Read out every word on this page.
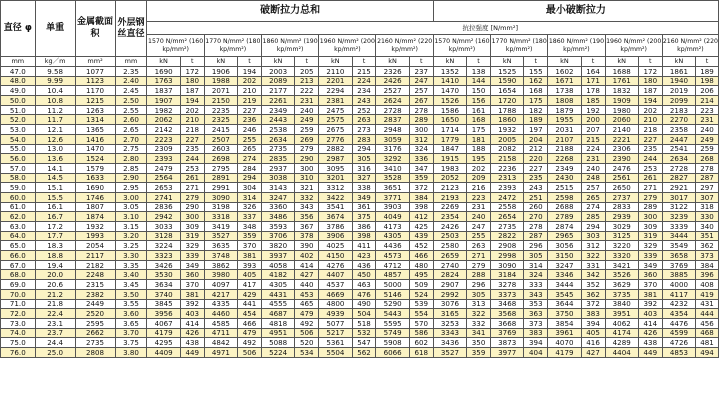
直径 φ	单重	金属截面积	外层钢丝直径	破断拉力总和										最小破断拉力									
				抗拉强度 [N/mm²]																			
				1570 N/mm² (160 kp/mm²)		1770 N/mm² (180 kp/mm²)		1860 N/mm² (190 kp/mm²)		1960 N/mm² (200 kp/mm²)		2160 N/mm² (220 kp/mm²)		1570 N/mm² (160 kp/mm²)		1770 N/mm² (180 kp/mm²)		1860 N/mm² (190 kp/mm²)		1960 N/mm² (200 kp/mm²)		2160 N/mm² (220 kp/mm²)	
mm	kg／m	mm²	mm	kN	t	kN	t	kN	t	kN	t	kN	t	kN	t	kN	t	kN	t	kN	t	kN	t
47.0	9.58	1077	2.35	1690	172	1906	194	2003	205	2110	215	2326	237	1352	138	1525	155	1602	164	1688	172	1861	189
48.0	9.99	1123	2.40	1763	180	1988	202	2089	213	2201	224	2426	247	1410	144	1590	162	1671	171	1761	180	1940	198
49.0	10.4	1170	2.45	1837	187	2071	210	2177	222	2294	234	2527	257	1470	150	1654	168	1738	178	1832	187	2019	206
50.0	10.8	1215	2.50	1907	194	2150	219	2261	231	2381	243	2624	267	1526	156	1720	175	1808	185	1909	194	2099	214
51.0	11.2	1263	2.55	1982	202	2235	227	2349	240	2475	252	2728	278	1586	161	1788	182	1879	192	1980	202	2183	223
52.0	11.7	1314	2.60	2062	210	2325	236	2443	249	2575	263	2837	289	1650	168	1860	189	1955	200	2060	210	2270	231
53.0	12.1	1365	2.65	2142	218	2415	246	2538	259	2675	273	2948	300	1714	175	1932	197	2031	207	2140	218	2358	240
54.0	12.6	1416	2.70	2223	227	2507	255	2634	269	2776	283	3059	312	1779	181	2005	204	2107	215	2221	227	2447	249
55.0	13.0	1470	2.75	2309	235	2603	265	2735	279	2882	294	3176	324	1847	188	2082	212	2188	224	2306	235	2541	259
56.0	13.6	1524	2.80	2393	244	2698	274	2835	290	2987	305	3292	336	1915	195	2158	220	2268	231	2390	244	2634	268
57.0	14.1	1579	2.85	2479	253	2795	284	2937	300	3095	316	3410	347	1983	202	2236	227	2349	240	2476	253	2728	278
58.0	14.5	1633	2.90	2564	261	2891	294	3038	310	3201	327	3528	359	2052	209	2313	235	2430	248	2561	261	2827	287
59.0	15.1	1690	2.95	2653	271	2991	304	3143	321	3312	338	3651	372	2123	216	2393	243	2515	257	2650	271	2921	297
60.0	15.5	1746	3.00	2741	279	3090	314	3247	332	3422	349	3771	384	2193	223	2472	251	2598	265	2737	279	3017	307
61.0	16.1	1807	3.05	2836	290	3198	326	3360	343	3541	361	3903	398	2269	231	2558	260	2688	274	2833	289	3122	318
62.0	16.7	1874	3.10	2942	300	3318	337	3486	356	3674	375	4049	412	2354	240	2654	270	2789	285	2939	300	3239	330
63.0	17.2	1932	3.15	3033	309	3419	348	3593	367	3786	386	4173	425	2426	247	2735	278	2874	294	3029	309	3339	340
64.0	17.7	1993	3.20	3128	319	3527	359	3706	378	3906	398	4305	439	2503	255	2822	287	2965	303	3125	319	3444	351
65.0	18.3	2054	3.25	3224	329	3635	370	3820	390	4025	411	4436	452	2580	263	2908	296	3056	312	3220	329	3549	362
66.0	18.8	2117	3.30	3323	339	3748	381	3937	402	4150	423	4573	466	2659	271	2998	305	3150	322	3320	339	3658	373
67.0	19.4	2182	3.35	3426	349	3862	393	4058	414	4276	436	4712	480	2740	279	3090	314	3247	331	3421	349	3769	384
68.0	20.0	2248	3.40	3530	360	3980	405	4182	427	4407	450	4857	495	2824	288	3184	324	3346	342	3526	360	3885	396
69.0	20.6	2315	3.45	3634	370	4097	417	4305	440	4537	463	5000	509	2907	296	3278	333	3444	352	3629	370	4000	408
70.0	21.2	2382	3.50	3740	381	4217	429	4431	453	4669	476	5146	524	2992	305	3373	343	3545	362	3735	381	4117	419
71.0	21.8	2449	3.55	3845	392	4335	441	4555	465	4800	490	5290	539	3076	313	3468	353	3644	372	3840	392	4232	431
72.0	22.4	2520	3.60	3956	403	4460	454	4687	479	4939	504	5443	554	3165	322	3568	363	3750	383	3951	403	4354	444
73.0	23.1	2595	3.65	4067	414	4585	466	4818	492	5077	518	5595	570	3253	332	3668	373	3854	394	4062	414	4476	456
74.0	23.7	2662	3.70	4179	426	4711	479	4951	506	5217	532	5749	586	3343	341	3769	383	3961	405	4174	426	4599	468
75.0	24.4	2735	3.75	4295	438	4842	492	5088	520	5361	547	5908	602	3436	350	3873	394	4070	416	4289	438	4726	481
76.0	25.0	2808	3.80	4409	449	4971	506	5224	534	5504	562	6066	618	3527	359	3977	404	4179	427	4404	449	4853	494
